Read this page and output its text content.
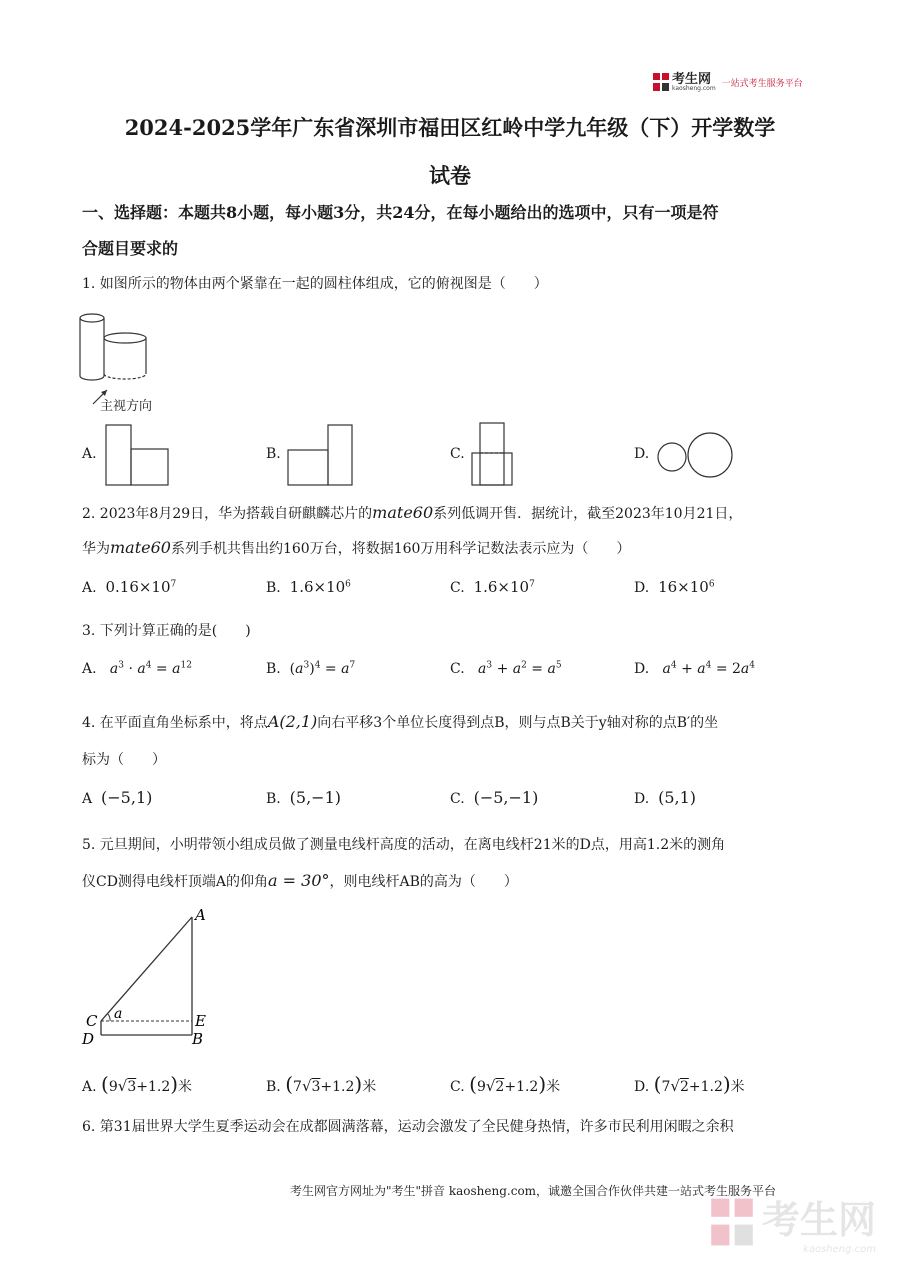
考生网
kaosheng.com 一站式考生服务平台
2024-2025学年广东省深圳市福田区红岭中学九年级（下）开学数学
试卷
一、选择题：本题共8小题，每小题3分，共24分，在每小题给出的选项中，只有一项是符
合题目要求的
1. 如图所示的物体由两个紧靠在一起的圆柱体组成，它的俯视图是（　　）
主视方向
A.	B.	C.	D.
2. 2023年8月29日，华为搭载自研麒麟芯片的mate60系列低调开售．据统计，截至2023年10月21日，
华为mate60系列手机共售出约160万台，将数据160万用科学记数法表示应为（　　）
A. $0.16\times 10^7$	B. $1.6\times 10^6$	C. $1.6\times 10^7$	D. $16\times 10^6$
3. 下列计算正确的是(　　)
A. $a^3 \cdot a^4 = a^{12}$	B.  $(a^3)^4 = a^7$	C. $a^3 + a^2 = a^5$	D. $a^4 + a^4 = 2a^4$
4. 在平面直角坐标系中，将点A(2,1)向右平移3个单位长度得到点B，则与点B关于y轴对称的点B′的坐
标为（　　）
A (−5,1)	B. (5,−1)	C. (−5,−1)	D. (5,1)
5. 元旦期间，小明带领小组成员做了测量电线杆高度的活动，在离电线杆21米的D点，用高1.2米的测角
仪CD测得电线杆顶端A的仰角a = 30°，则电线杆AB的高为（　　）
A
C a	E
D	B
A. (9√3+1.2)米	B. (7√3+1.2)米	C. (9√2+1.2)米	D. (7√2+1.2)米
6. 第31届世界大学生夏季运动会在成都圆满落幕，运动会激发了全民健身热情，许多市民利用闲暇之余积
考生网官方网址为"考生"拼音 kaosheng.com，诚邀全国合作伙伴共建一站式考生服务平台
考生网
kaosheng.com
